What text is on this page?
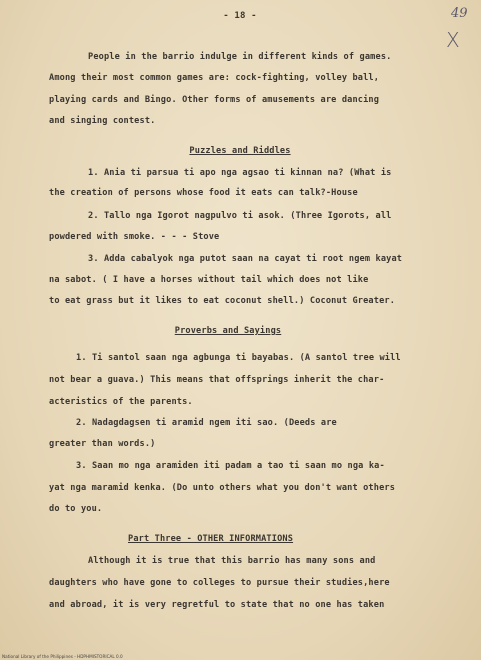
- 18 -	49
X
People in the barrio indulge in different kinds of games.
Among their most common games are: cock-fighting, volley ball,
playing cards and Bingo. Other forms of amusements are dancing
and singing contest.
Puzzles and Riddles
1. Ania ti parsua ti apo nga agsao ti kinnan na? (What is
the creation of persons whose food it eats can talk?-House
2. Tallo nga Igorot nagpulvo ti asok. (Three Igorots, all
powdered with smoke. - - - Stove
3. Adda cabalyok nga putot saan na cayat ti root ngem kayat
na sabot. ( I have a horses without tail which does not like
to eat grass but it likes to eat coconut shell.) Coconut Greater.
Proverbs and Sayings
1. Ti santol saan nga agbunga ti bayabas. (A santol tree will
not bear a guava.) This means that offsprings inherit the char-
acteristics of the parents.
2. Nadagdagsen ti aramid ngem iti sao. (Deeds are
greater than words.)
3. Saan mo nga aramiden iti padam a tao ti saan mo nga ka-
yat nga maramid kenka. (Do unto others what you don't want others
do to you.
Part Three - OTHER INFORMATIONS
Although it is true that this barrio has many sons and
daughters who have gone to colleges to pursue their studies,here
and abroad, it is very regretful to state that no one has taken
National Library of the Philippines - HDPHMISTORICAL 0.0
